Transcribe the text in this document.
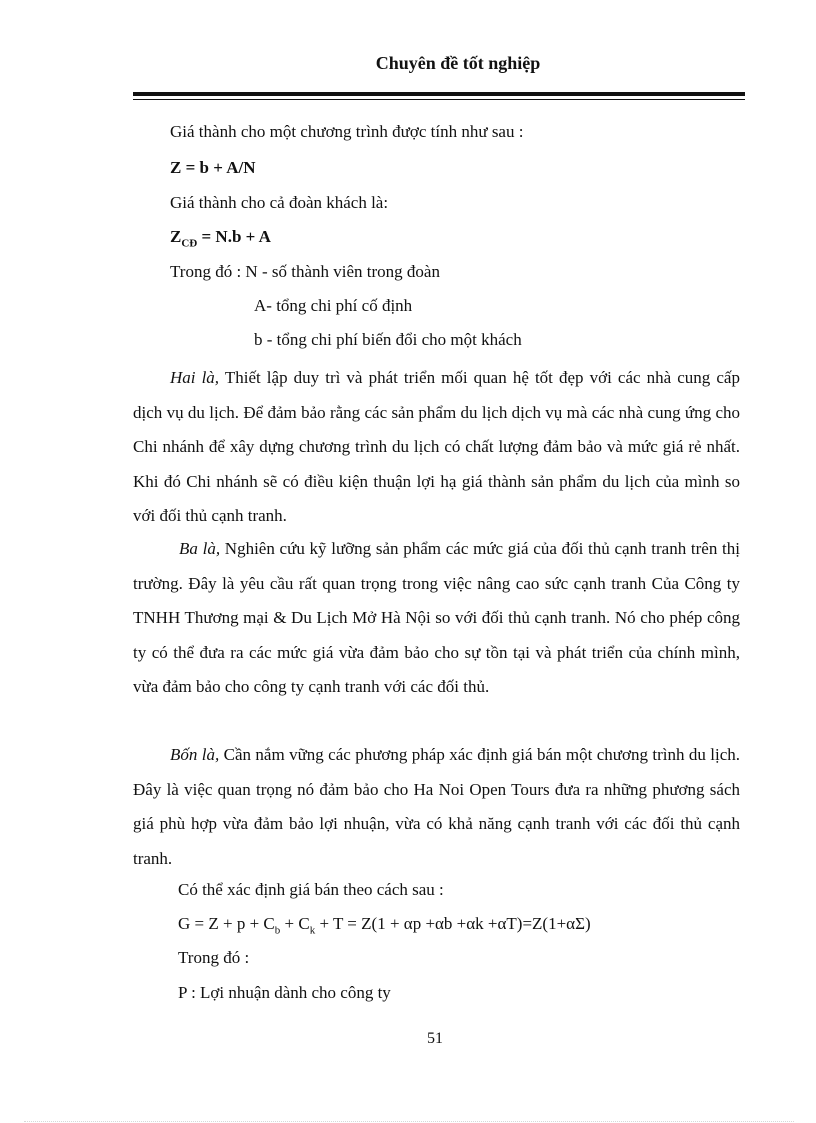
Chuyên đề tốt nghiệp
Giá thành cho một chương trình được tính như sau :
Z = b + A/N
Giá thành cho cả đoàn khách là:
$Z_{CĐ} = N.b + A$
Trong đó : N - số thành viên trong đoàn
A- tổng chi phí cố định
b - tổng chi phí biến đổi cho một khách
Hai là, Thiết lập duy trì và phát triển mối quan hệ tốt đẹp với các nhà cung cấp dịch vụ du lịch. Để đảm bảo rằng các sản phẩm du lịch dịch vụ mà các nhà cung ứng cho Chi nhánh để xây dựng chương trình du lịch có chất lượng đảm bảo và mức giá rẻ nhất. Khi đó Chi nhánh sẽ có điều kiện thuận lợi hạ giá thành sản phẩm du lịch của mình so với đối thủ cạnh tranh.
Ba là, Nghiên cứu kỹ lưỡng sản phẩm các mức giá của đối thủ cạnh tranh trên thị trường. Đây là yêu cầu rất quan trọng trong việc nâng cao sức cạnh tranh Của Công ty TNHH Thương mại & Du Lịch Mở Hà Nội so với đối thủ cạnh tranh. Nó cho phép công ty có thể đưa ra các mức giá vừa đảm bảo cho sự tồn tại và phát triển của chính mình, vừa đảm bảo cho công ty cạnh tranh với các đối thủ.
Bốn là, Cần nắm vững các phương pháp xác định giá bán một chương trình du lịch. Đây là việc quan trọng nó đảm bảo cho Ha Noi Open Tours đưa ra những phương sách giá phù hợp vừa đảm bảo lợi nhuận, vừa có khả năng cạnh tranh với các đối thủ cạnh tranh.
Có thể xác định giá bán theo cách sau :
$G = Z + p + C_b + C_k + T = Z(1 + \alpha p +\alpha b +\alpha k +\alpha T)=Z(1+\alpha\Sigma)$
Trong đó :
P : Lợi nhuận dành cho công ty
51
